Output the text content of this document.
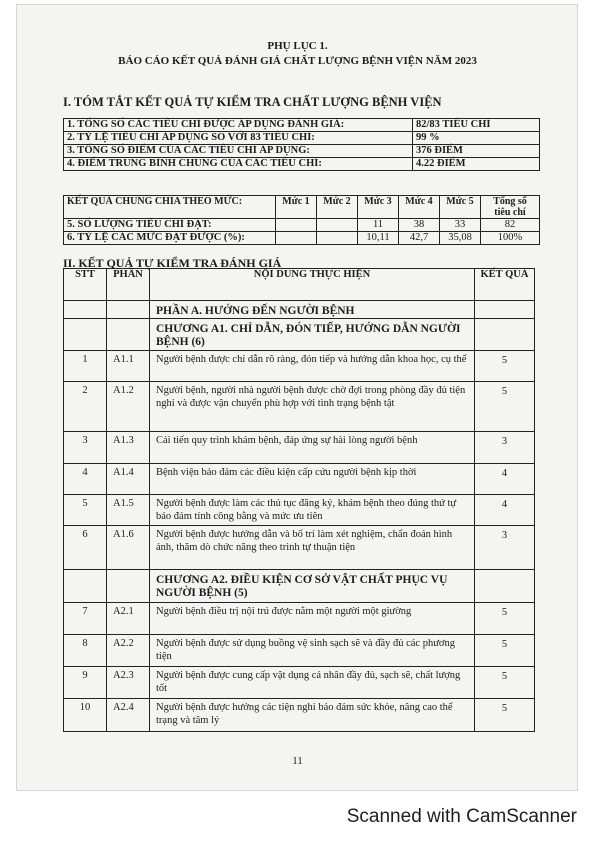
PHỤ LỤC 1.
BÁO CÁO KẾT QUẢ ĐÁNH GIÁ CHẤT LƯỢNG BỆNH VIỆN NĂM 2023
I. TÓM TẮT KẾT QUẢ TỰ KIỂM TRA CHẤT LƯỢNG BỆNH VIỆN
1. TỔNG SỐ CÁC TIÊU CHÍ ĐƯỢC ÁP DỤNG ĐÁNH GIÁ:	82/83 TIÊU CHÍ
2. TỶ LỆ TIÊU CHÍ ÁP DỤNG SO VỚI 83 TIÊU CHÍ:	99 %
3. TỔNG SỐ ĐIỂM CỦA CÁC TIÊU CHÍ ÁP DỤNG:	376 ĐIỂM
4. ĐIỂM TRUNG BÌNH CHUNG CỦA CÁC TIÊU CHÍ:	4.22 ĐIỂM
KẾT QUẢ CHUNG CHIA THEO MỨC:	Mức 1	Mức 2	Mức 3	Mức 4	Mức 5	Tổng số tiêu chí
5. SỐ LƯỢNG TIÊU CHÍ ĐẠT:			11	38	33	82
6. TỶ LỆ CÁC MỨC ĐẠT ĐƯỢC (%):			10,11	42,7	35,08	100%
II. KẾT QUẢ TỰ KIỂM TRA ĐÁNH GIÁ
STT	PHẦN	NỘI DUNG THỰC HIỆN	KẾT QUẢ
		PHẦN A. HƯỚNG ĐẾN NGƯỜI BỆNH	
		CHƯƠNG A1. CHỈ DẪN, ĐÓN TIẾP, HƯỚNG DẪN NGƯỜI BỆNH (6)	
1	A1.1	Người bệnh được chỉ dẫn rõ ràng, đón tiếp và hướng dẫn khoa học, cụ thể	5
2	A1.2	Người bệnh, người nhà người bệnh được chờ đợi trong phòng đầy đủ tiện nghi và được vận chuyển phù hợp với tình trạng bệnh tật	5
3	A1.3	Cải tiến quy trình khám bệnh, đáp ứng sự hài lòng người bệnh	3
4	A1.4	Bệnh viện bảo đảm các điều kiện cấp cứu người bệnh kịp thời	4
5	A1.5	Người bệnh được làm các thủ tục đăng ký, khám bệnh theo đúng thứ tự bảo đảm tính công bằng và mức ưu tiên	4
6	A1.6	Người bệnh được hướng dẫn và bố trí làm xét nghiệm, chẩn đoán hình ảnh, thăm dò chức năng theo trình tự thuận tiện	3
		CHƯƠNG A2. ĐIỀU KIỆN CƠ SỞ VẬT CHẤT PHỤC VỤ NGƯỜI BỆNH (5)	
7	A2.1	Người bệnh điều trị nội trú được nằm một người một giường	5
8	A2.2	Người bệnh được sử dụng buồng vệ sinh sạch sẽ và đầy đủ các phương tiện	5
9	A2.3	Người bệnh được cung cấp vật dụng cá nhân đầy đủ, sạch sẽ, chất lượng tốt	5
10	A2.4	Người bệnh được hưởng các tiện nghi bảo đảm sức khỏe, nâng cao thể trạng và tâm lý	5
11
Scanned with CamScanner
